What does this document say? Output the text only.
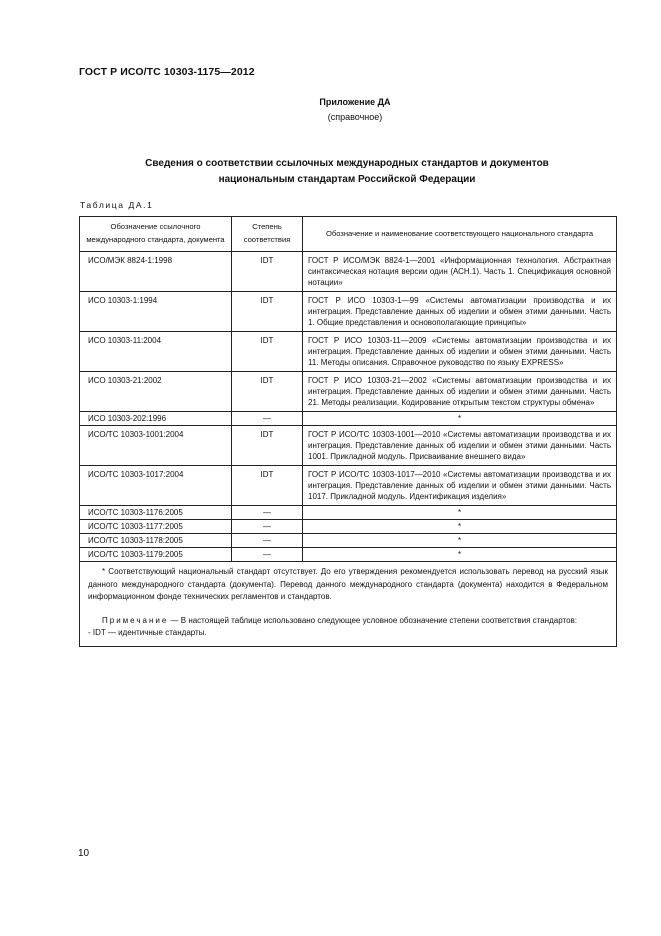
ГОСТ Р ИСО/ТС 10303-1175—2012
Приложение ДА
(справочное)
Сведения о соответствии ссылочных международных стандартов и документов
национальным стандартам Российской Федерации
Таблица ДА.1
Обозначение ссылочного международного стандарта, документа	Степень соответствия	Обозначение и наименование соответствующего национального стандарта
ИСО/МЭК 8824-1:1998	IDT	ГОСТ Р ИСО/МЭК 8824-1—2001 «Информационная технология. Абстрактная синтаксическая нотация версии один (АСН.1). Часть 1. Спецификация основной нотации»
ИСО 10303-1:1994	IDT	ГОСТ Р ИСО 10303-1—99 «Системы автоматизации производства и их интеграция. Представление данных об изделии и обмен этими данными. Часть 1. Общие представления и основополагающие принципы»
ИСО 10303-11:2004	IDT	ГОСТ Р ИСО 10303-11—2009 «Системы автоматизации производства и их интеграция. Представление данных об изделии и обмен этими данными. Часть 11. Методы описания. Справочное руководство по языку EXPRESS»
ИСО 10303-21:2002	IDT	ГОСТ Р ИСО 10303-21—2002 «Системы автоматизации производства и их интеграция. Представление данных об изделии и обмен этими данными. Часть 21. Методы реализации. Кодирование открытым текстом структуры обмена»
ИСО 10303-202:1996	—	*
ИСО/ТС 10303-1001:2004	IDT	ГОСТ Р ИСО/ТС 10303-1001—2010 «Системы автоматизации производства и их интеграция. Представление данных об изделии и обмен этими данными. Часть 1001. Прикладной модуль. Присваивание внешнего вида»
ИСО/ТС 10303-1017:2004	IDT	ГОСТ Р ИСО/ТС 10303-1017—2010 «Системы автоматизации производства и их интеграция. Представление данных об изделии и обмен этими данными. Часть 1017. Прикладной модуль. Идентификация изделия»
ИСО/ТС 10303-1176:2005	—	*
ИСО/ТС 10303-1177:2005	—	*
ИСО/ТС 10303-1178:2005	—	*
ИСО/ТС 10303-1179:2005	—	*

* Соответствующий национальный стандарт отсутствует. До его утверждения рекомендуется использовать перевод на русский язык данного международного стандарта (документа). Перевод данного международного стандарта (документа) находится в Федеральном информационном фонде технических регламентов и стандартов.

Примечание — В настоящей таблице использовано следующее условное обозначение степени соответствия стандартов:

- IDT — идентичные стандарты.		

10
